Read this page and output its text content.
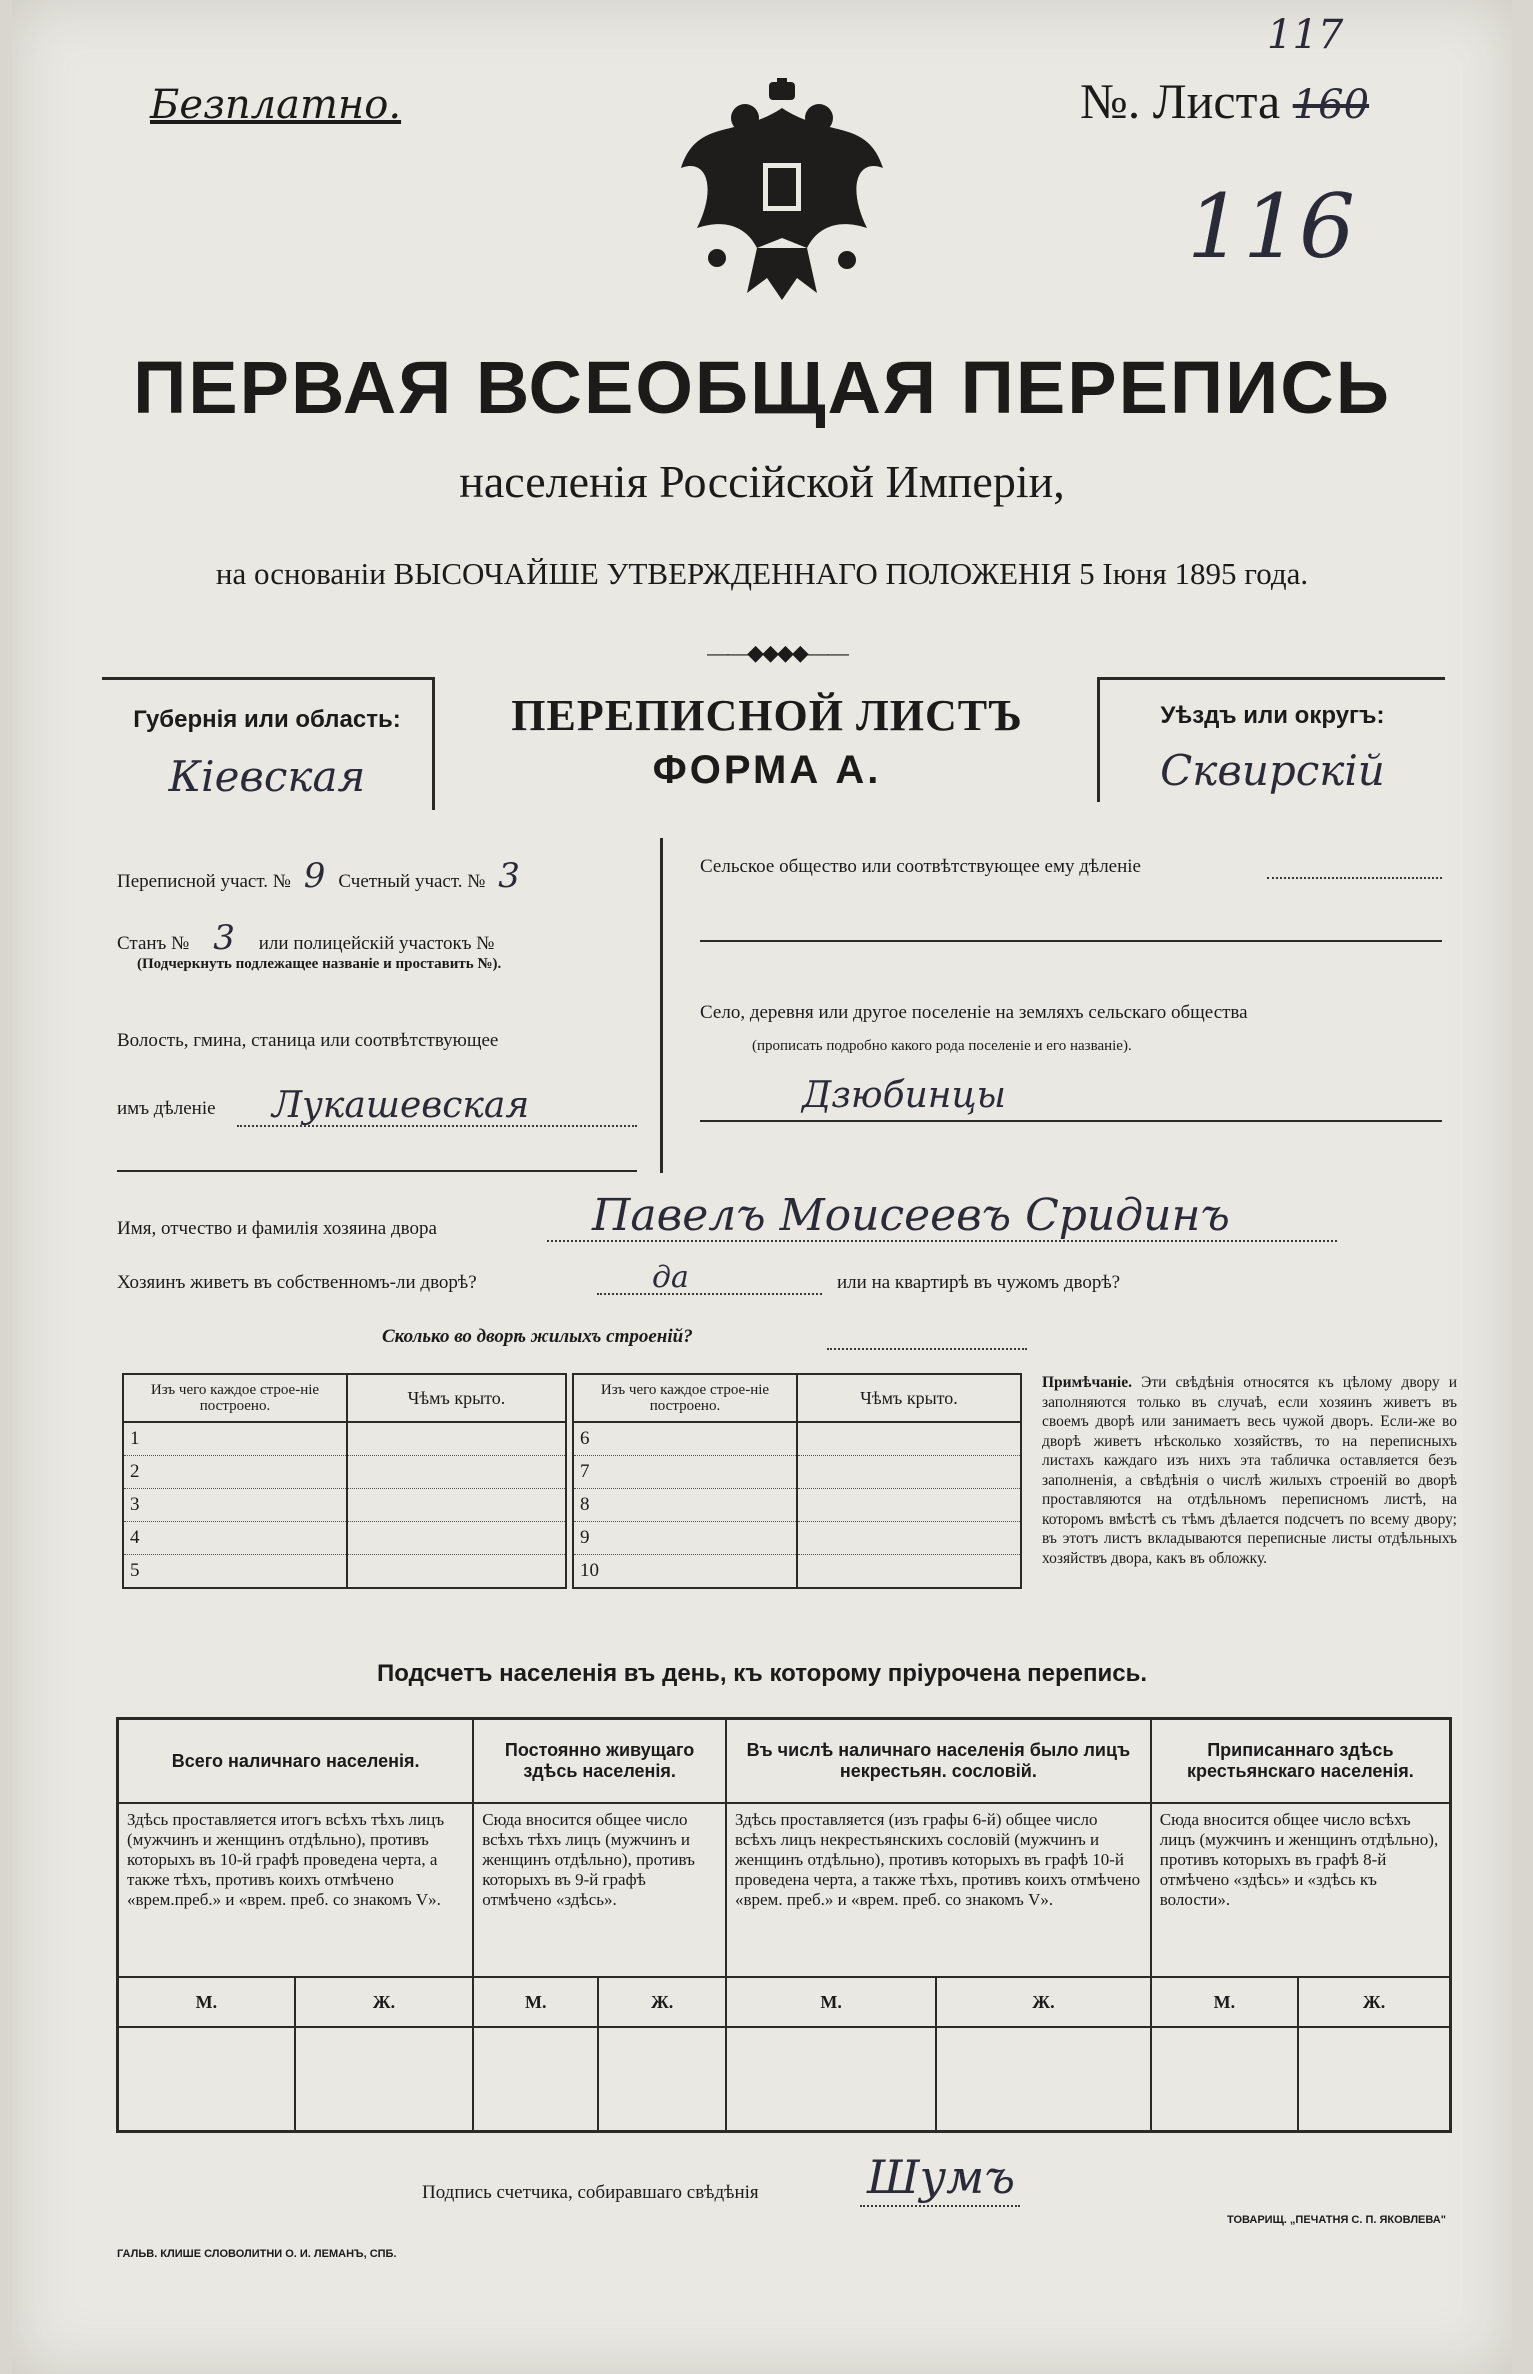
Безплатно.	№. Листа 160
117
116
ПЕРВАЯ ВСЕОБЩАЯ ПЕРЕПИСЬ
населенія Россійской Имперіи,
на основаніи ВЫСОЧАЙШЕ УТВЕРЖДЕННАГО ПОЛОЖЕНІЯ 5 Іюня 1895 года.
——◆◆◆◆——
Губернія или область:
Кіевская
ПЕРЕПИСНОЙ ЛИСТЪ
ФОРМА А.
Уѣздъ или округъ:
Сквирскій
Переписной участ. № 9 Счетный участ. № 3
Станъ № 3 или полицейскій участокъ №
(Подчеркнуть подлежащее названіе и проставить №).
Волость, гмина, станица или соотвѣтствующее
имъ дѣленіе Лукашевская
Сельское общество или соотвѣтствующее ему дѣленіе
Село, деревня или другое поселеніе на земляхъ сельскаго общества
(прописать подробно какого рода поселеніе и его названіе).
Дзюбинцы
Имя, отчество и фамилія хозяина двора	Павелъ Моисеевъ Сридинъ
Хозяинъ живетъ въ собственномъ-ли дворѣ?	да	или на квартирѣ въ чужомъ дворѣ?
Сколько во дворѣ жилыхъ строеній?
Изъ чего каждое строе-ніе построено.	Чѣмъ крыто.
1	
2	
3	
4	
5	
Изъ чего каждое строе-ніе построено.	Чѣмъ крыто.
6	
7	
8	
9	
10	
Примѣчаніе. Эти свѣдѣнія относятся къ цѣлому двору и заполняются только въ случаѣ, если хозяинъ живетъ въ своемъ дворѣ или занимаетъ весь чужой дворъ. Если-же во дворѣ живетъ нѣсколько хозяйствъ, то на переписныхъ листахъ каждаго изъ нихъ эта табличка оставляется безъ заполненія, а свѣдѣнія о числѣ жилыхъ строеній во дворѣ проставляются на отдѣльномъ переписномъ листѣ, на которомъ вмѣстѣ съ тѣмъ дѣлается подсчетъ по всему двору; въ этотъ листъ вкладываются переписные листы отдѣльныхъ хозяйствъ двора, какъ въ обложку.
Подсчетъ населенія въ день, къ которому пріурочена перепись.
Всего наличнаго населенія.		Постоянно живущаго здѣсь населенія.		Въ числѣ наличнаго населенія было лицъ некрестьян. сословій.		Приписаннаго здѣсь крестьянскаго населенія.	
Здѣсь проставляется итогъ всѣхъ тѣхъ лицъ (мужчинъ и женщинъ отдѣльно), противъ которыхъ въ 10-й графѣ проведена черта, а также тѣхъ, противъ коихъ отмѣчено «врем.преб.» и «врем. преб. со знакомъ V».		Сюда вносится общее число всѣхъ тѣхъ лицъ (мужчинъ и женщинъ отдѣльно), противъ которыхъ въ 9-й графѣ отмѣчено «здѣсь».		Здѣсь проставляется (изъ графы 6-й) общее число всѣхъ лицъ некрестьянскихъ сословій (мужчинъ и женщинъ отдѣльно), противъ которыхъ въ графѣ 10-й проведена черта, а также тѣхъ, противъ коихъ отмѣчено «врем. преб.» и «врем. преб. со знакомъ V».		Сюда вносится общее число всѣхъ лицъ (мужчинъ и женщинъ отдѣльно), противъ которыхъ въ графѣ 8-й отмѣчено «здѣсь» и «здѣсь къ волости».	
М.	Ж.	М.	Ж.	М.	Ж.	М.	Ж.

Подпись счетчика, собиравшаго свѣдѣнія Шумъ
ГАЛЬВ. КЛИШЕ СЛОВОЛИТНИ О. И. ЛЕМАНЪ, СПБ.
ТОВАРИЩ. „ПЕЧАТНЯ С. П. ЯКОВЛЕВА"
